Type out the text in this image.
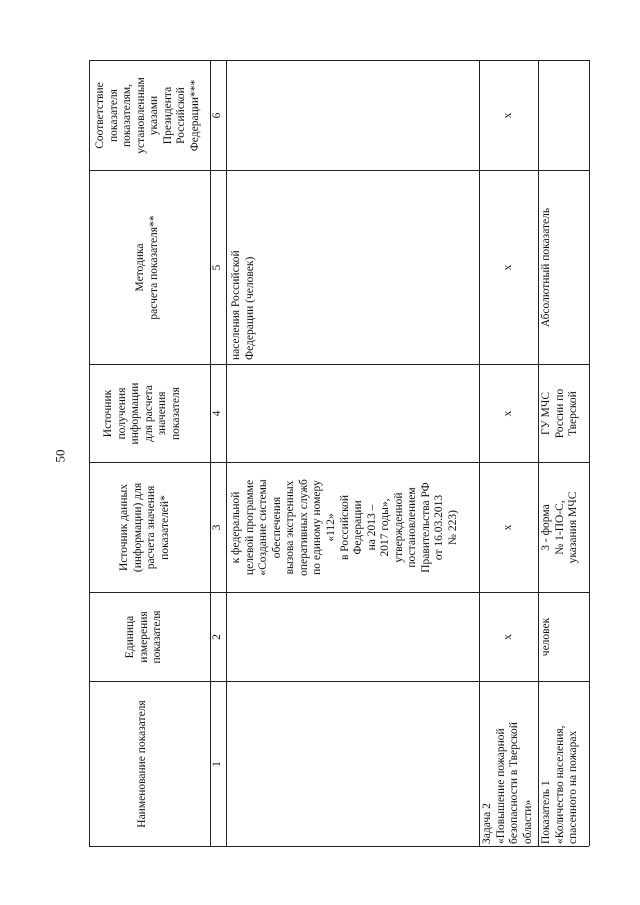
50
Наименование показателя
Единица
измерения
показателя
Источник данных
(информации) для
расчета значения
показателей*
Источник
получения
информации
для расчета
значения
показателя
Методика
расчета показателя**
Соответствие
показателя
показателям,
установленным
указами
Президента
Российской
Федерации***
1
2
3
4
5
6
к федеральной
целевой программе
«Создание системы
обеспечения
вызова экстренных
оперативных служб
по единому номеру
«112»
в Российской
Федерации
на 2013 –
2017 годы»,
утвержденной
постановлением
Правительства РФ
от 16.03.2013
№ 223)
населения Российской
Федерации (человек)
Задача 2
«Повышение пожарной
безопасности в Тверской
области»
x
x
x
x
x
Показатель 1
«Количество населения,
спасенного на пожарах
человек
3 - форма
№ 1-ПО-С,
указания МЧС
ГУ МЧС
России по
Тверской
Абсолютный показатель
